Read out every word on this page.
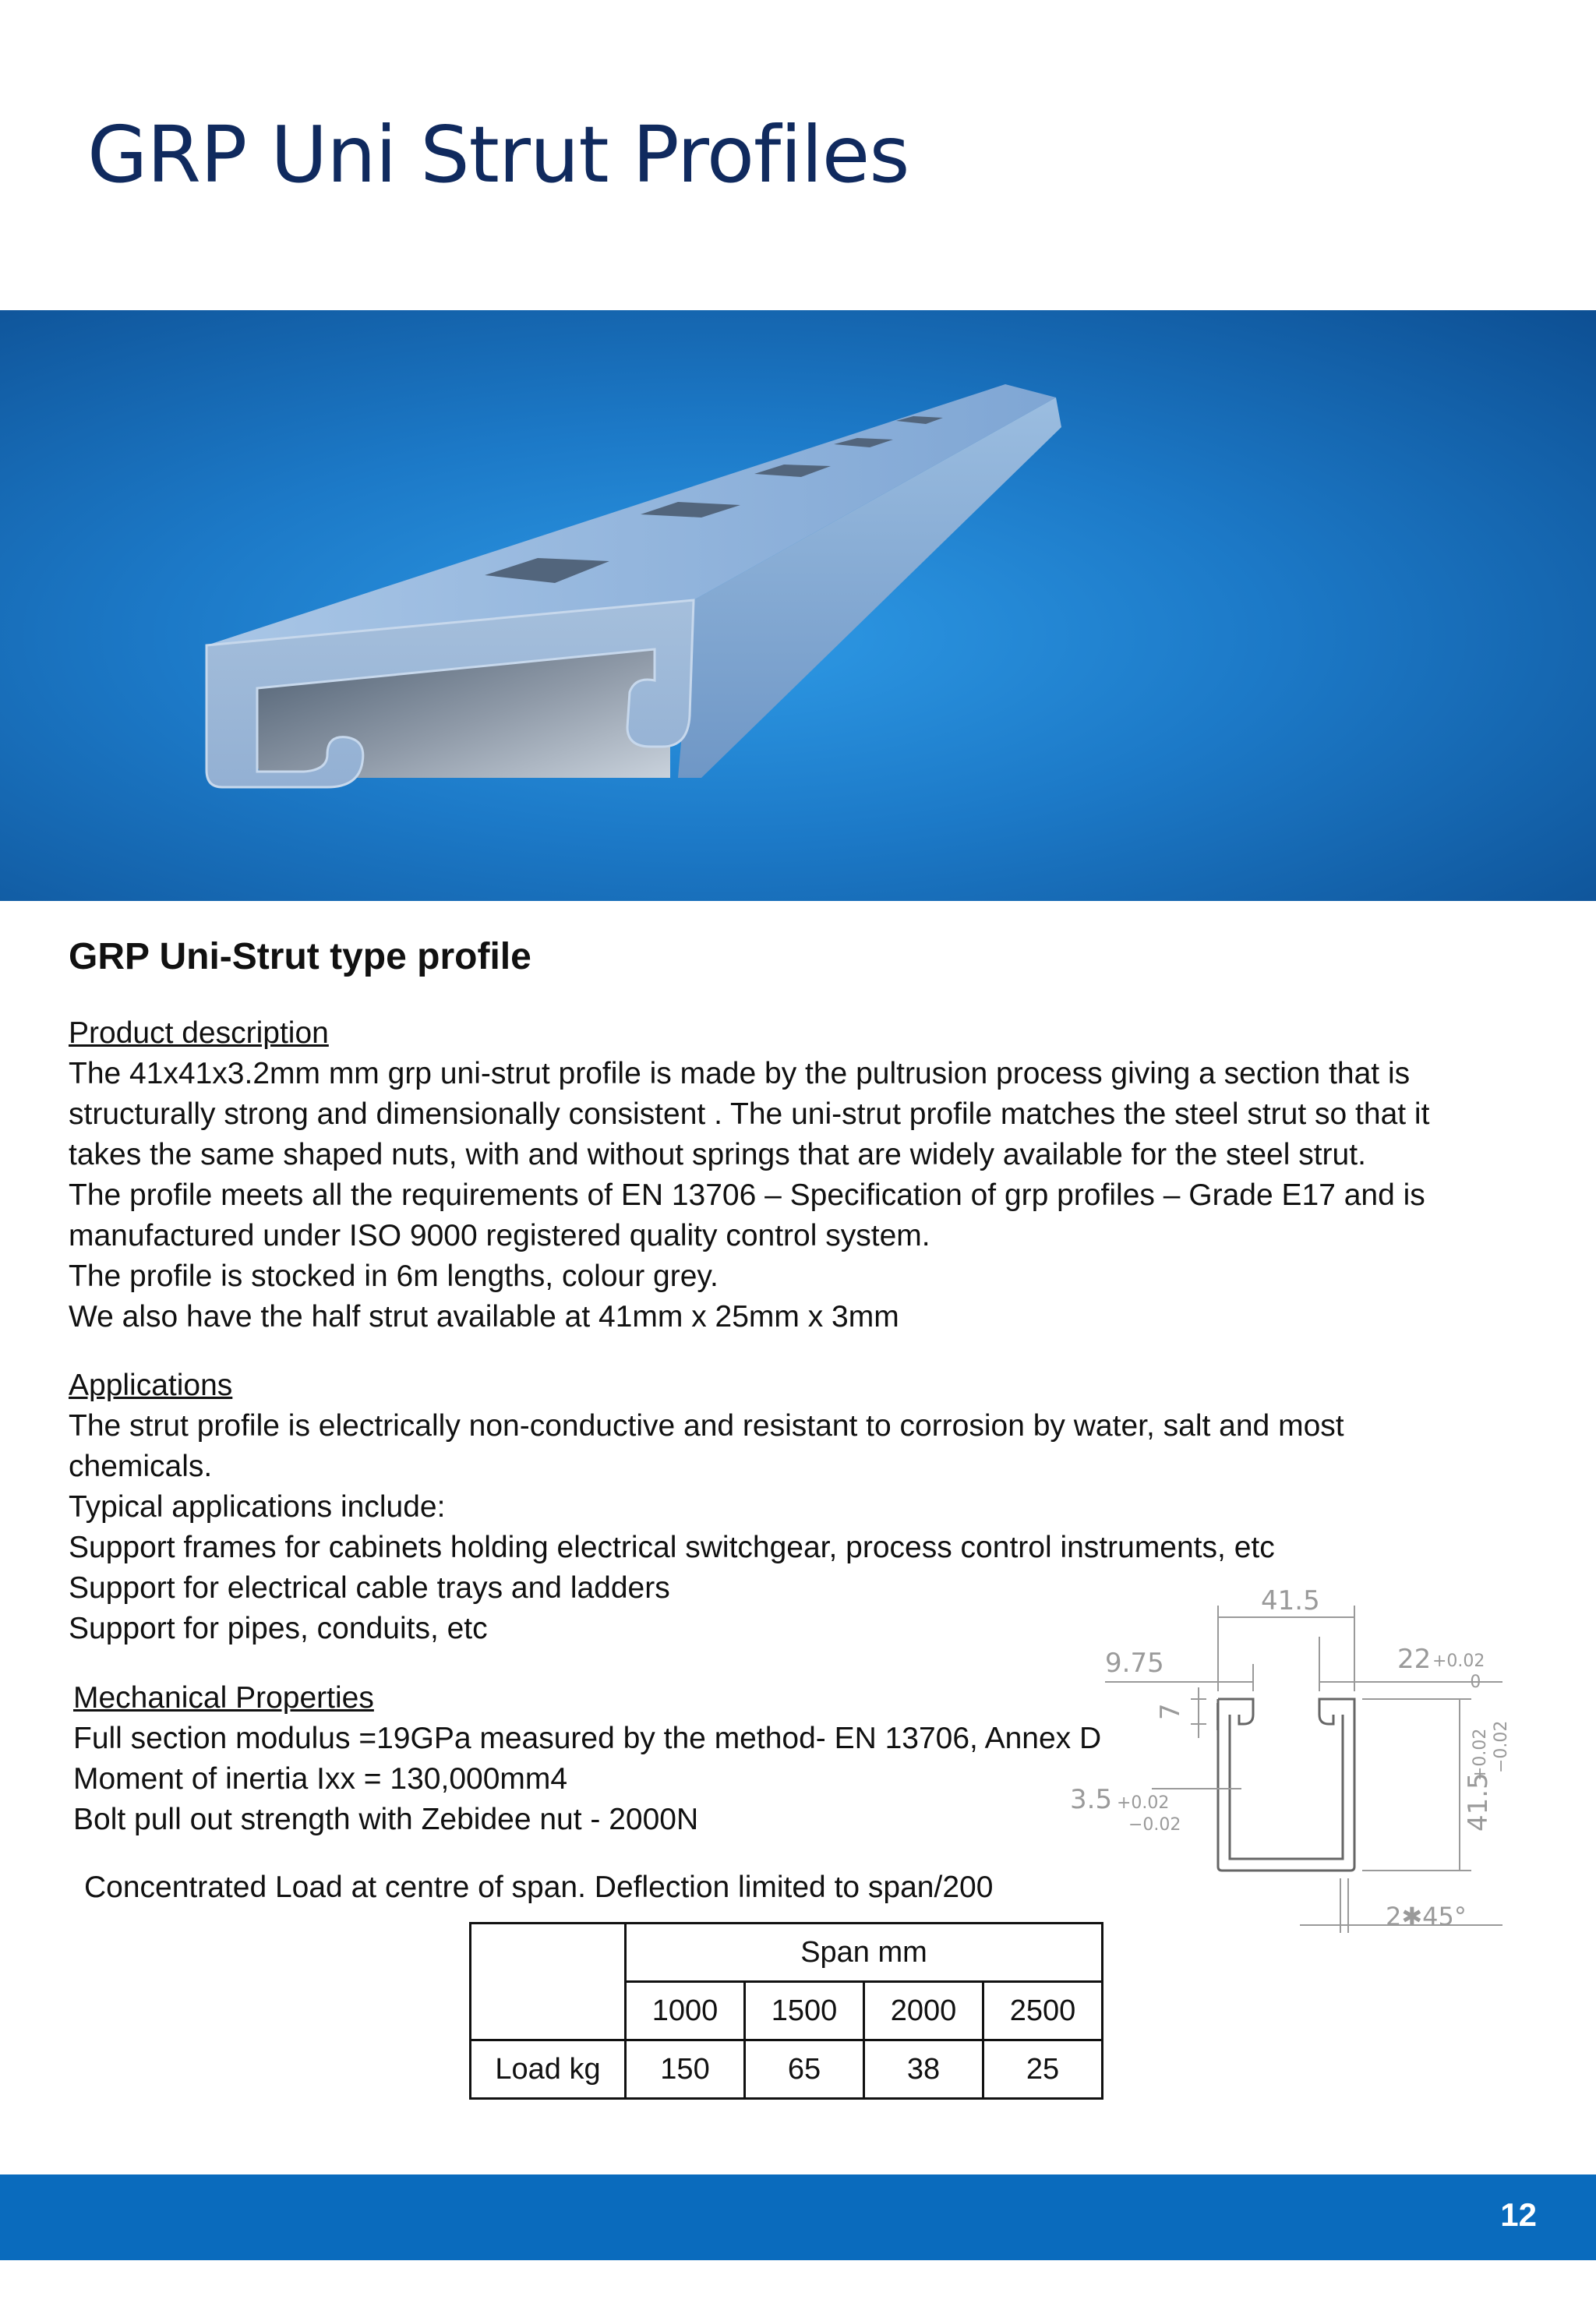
GRP Uni Strut Profiles
GRP Uni-Strut type profile
Product description
The 41x41x3.2mm mm grp uni-strut profile is made by the pultrusion process giving a section that is
structurally strong and dimensionally consistent . The uni-strut profile matches the steel strut so that it
takes the same shaped nuts, with and without springs that are widely available for the steel strut.
The profile meets all the requirements of EN 13706 – Specification of grp profiles – Grade E17 and is
manufactured under ISO 9000 registered quality control system.
The profile is stocked in 6m lengths, colour grey.
We also have the half strut available at 41mm x 25mm x 3mm
Applications
The strut profile is electrically non-conductive and resistant to corrosion by water, salt and most
chemicals.
Typical applications include:
Support frames for cabinets holding electrical switchgear, process control instruments, etc
Support for electrical cable trays and ladders
Support for pipes, conduits, etc
Mechanical Properties
Full section modulus =19GPa measured by the method- EN 13706, Annex D
Moment of inertia Ixx = 130,000mm4
Bolt pull out strength with Zebidee nut - 2000N
Concentrated Load at centre of span. Deflection limited to span/200
	Span mm			
	1000	1500	2000	2500
Load kg	150	65	38	25
41.5
9.75	22 +0.02
−0
7
3.5 +0.02
−0.02	41.5
+0.02 −0.02
2✱45°
12
